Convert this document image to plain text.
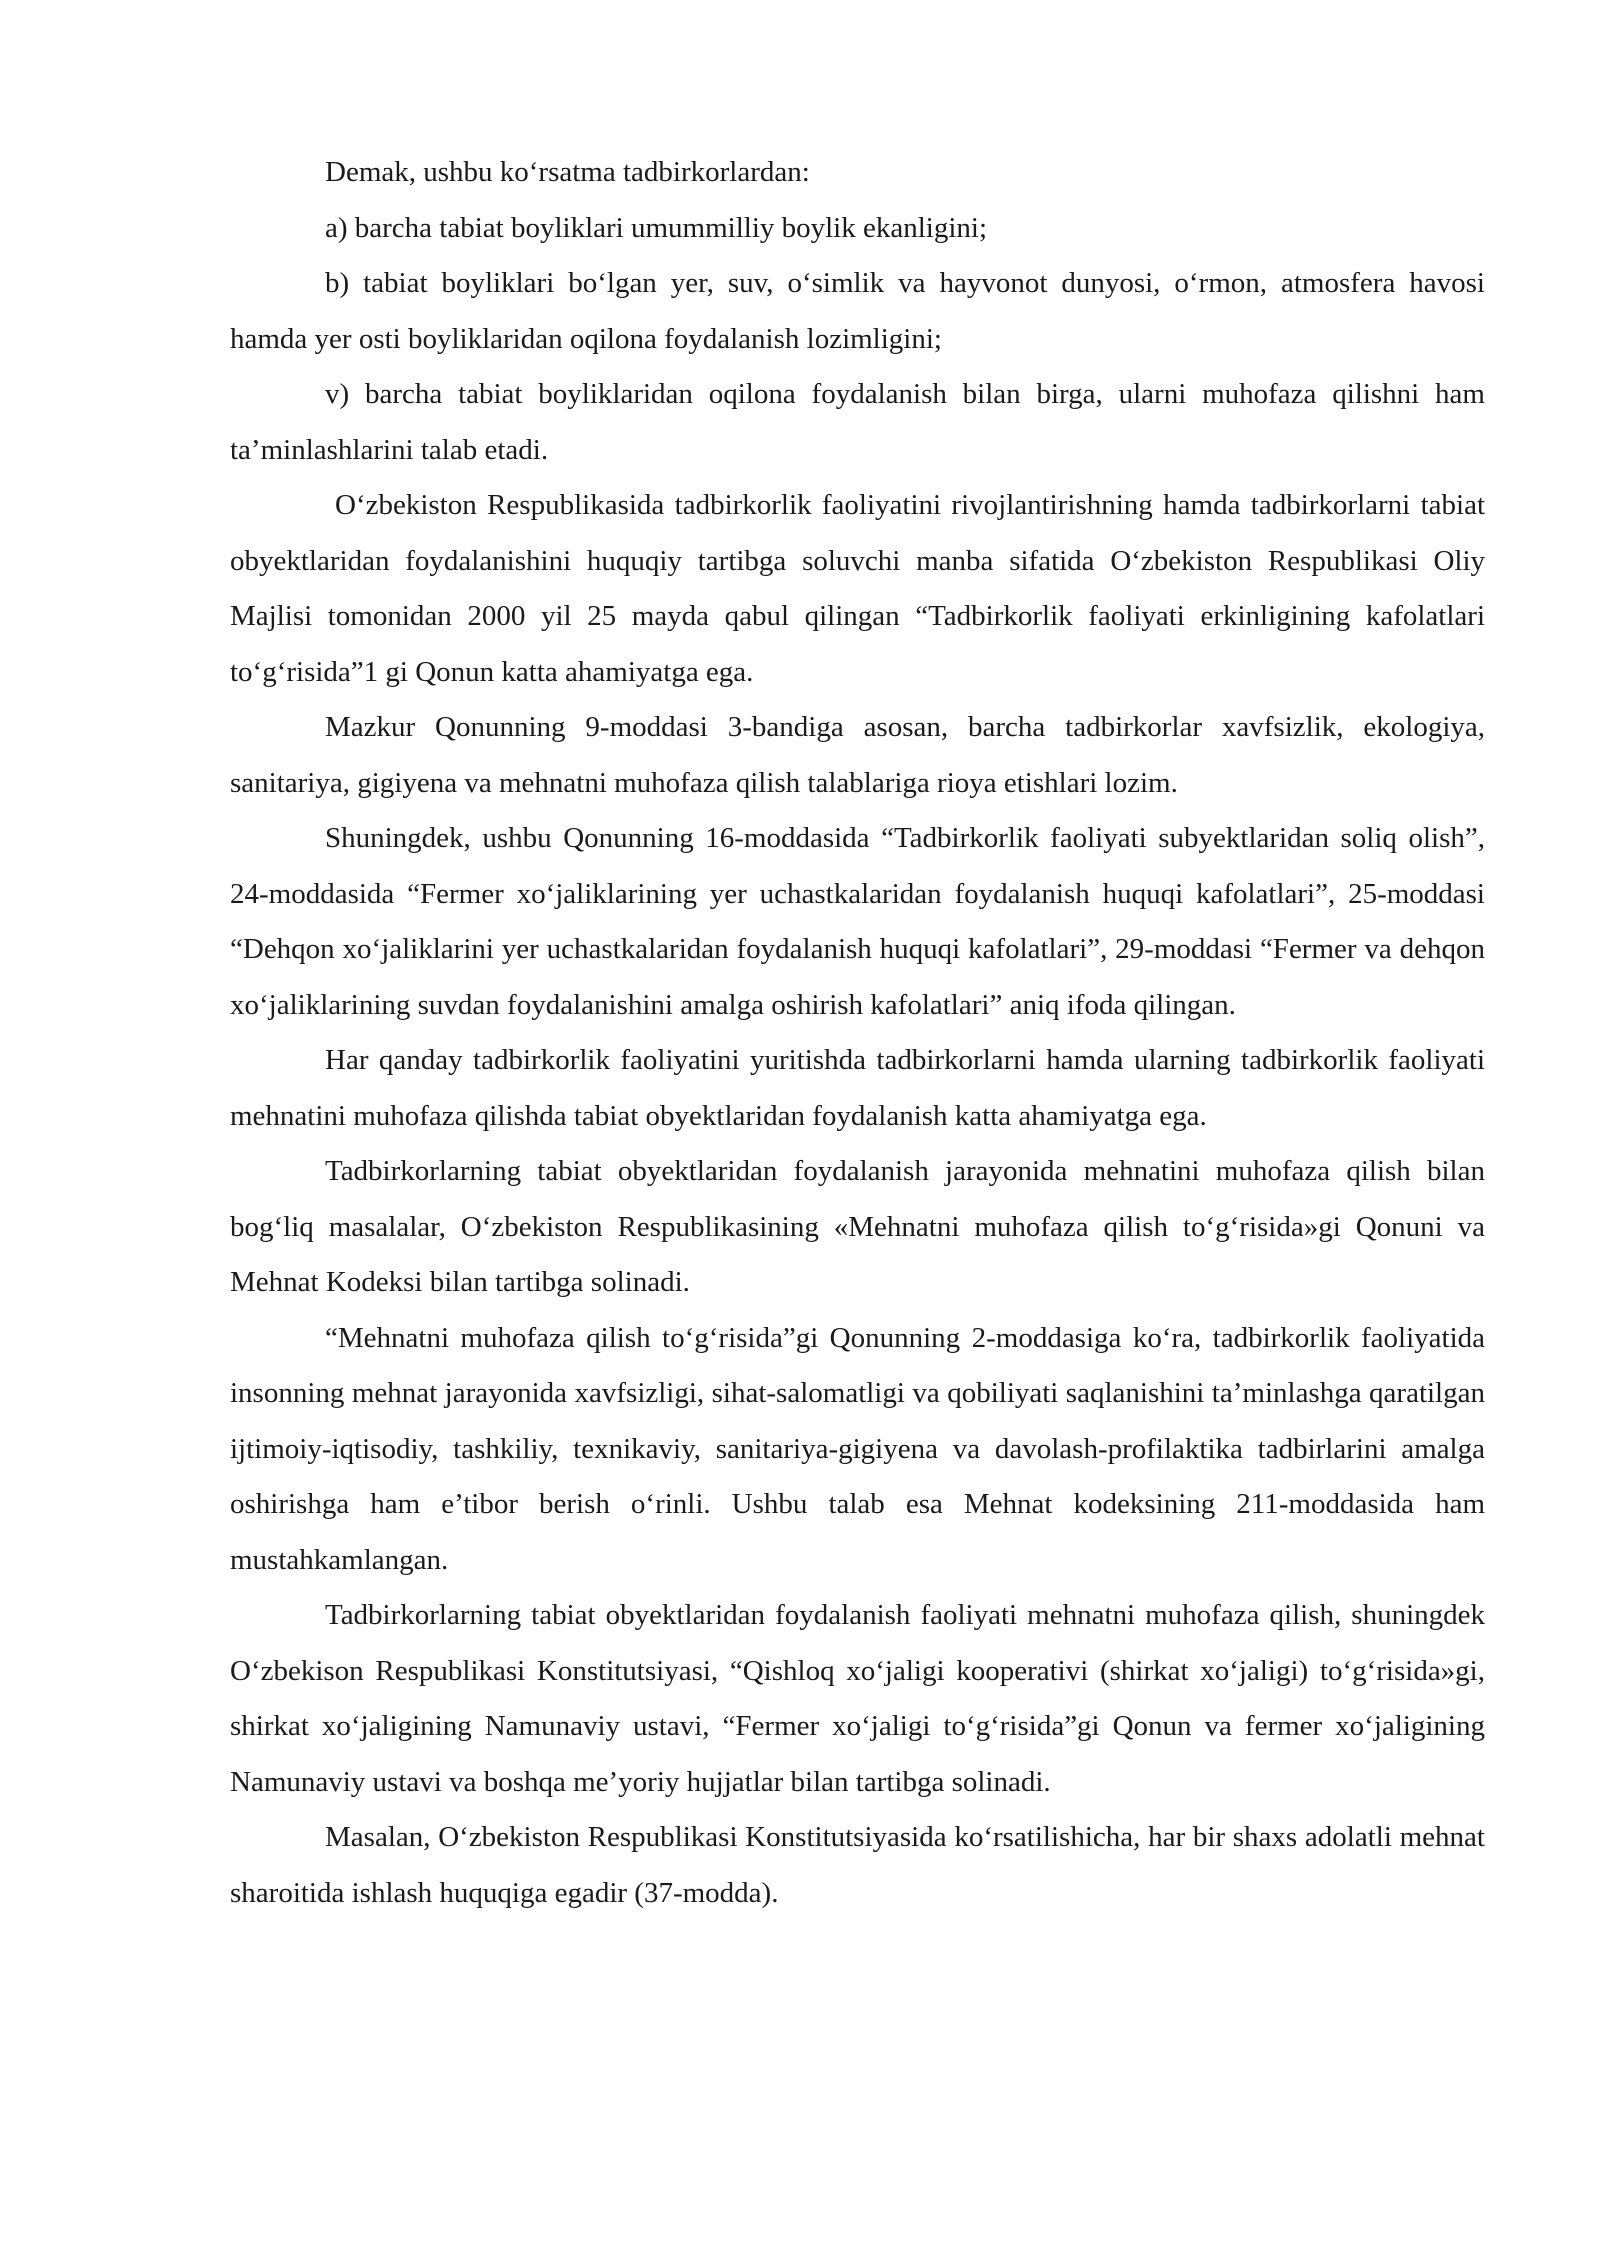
Demak, ushbu ko‘rsatma tadbirkorlardan:

a) barcha tabiat boyliklari umummilliy boylik ekanligini;

b) tabiat boyliklari bo‘lgan yer, suv, o‘simlik va hayvonot dunyosi, o‘rmon, atmosfera havosi hamda yer osti boyliklaridan oqilona foydalanish lozimligini;

v) barcha tabiat boyliklaridan oqilona foydalanish bilan birga, ularni muhofaza qilishni ham ta’minlashlarini talab etadi.

O‘zbekiston Respublikasida tadbirkorlik faoliyatini rivojlantirishning hamda tadbirkorlarni tabiat obyektlaridan foydalanishini huquqiy tartibga soluvchi manba sifatida O‘zbekiston Respublikasi Oliy Majlisi tomonidan 2000 yil 25 mayda qabul qilingan “Tadbirkorlik faoliyati erkinligining kafolatlari to‘g‘risida”1 gi Qonun katta ahamiyatga ega.

Mazkur Qonunning 9-moddasi 3-bandiga asosan, barcha tadbirkorlar xavfsizlik, ekologiya, sanitariya, gigiyena va mehnatni muhofaza qilish talablariga rioya etishlari lozim.

Shuningdek, ushbu Qonunning 16-moddasida “Tadbirkorlik faoliyati subyektlaridan soliq olish”, 24-moddasida “Fermer xo‘jaliklarining yer uchastkalaridan foydalanish huquqi kafolatlari”, 25-moddasi “Dehqon xo‘jaliklarini yer uchastkalaridan foydalanish huquqi kafolatlari”, 29-moddasi “Fermer va dehqon xo‘jaliklarining suvdan foydalanishini amalga oshirish kafolatlari” aniq ifoda qilingan.

Har qanday tadbirkorlik faoliyatini yuritishda tadbirkorlarni hamda ularning tadbirkorlik faoliyati mehnatini muhofaza qilishda tabiat obyektlaridan foydalanish katta ahamiyatga ega.

Tadbirkorlarning tabiat obyektlaridan foydalanish jarayonida mehnatini muhofaza qilish bilan bog‘liq masalalar, O‘zbekiston Respublikasining «Mehnatni muhofaza qilish to‘g‘risida»gi Qonuni va Mehnat Kodeksi bilan tartibga solinadi.

“Mehnatni muhofaza qilish to‘g‘risida”gi Qonunning 2-moddasiga ko‘ra, tadbirkorlik faoliyatida insonning mehnat jarayonida xavfsizligi, sihat-salomatligi va qobiliyati saqlanishini ta’minlashga qaratilgan ijtimoiy-iqtisodiy, tashkiliy, texnikaviy, sanitariya-gigiyena va davolash-profilaktika tadbirlarini amalga oshirishga ham e’tibor berish o‘rinli. Ushbu talab esa Mehnat kodeksining 211-moddasida ham mustahkamlangan.

Tadbirkorlarning tabiat obyektlaridan foydalanish faoliyati mehnatni muhofaza qilish, shuningdek O‘zbekison Respublikasi Konstitutsiyasi, “Qishloq xo‘jaligi kooperativi (shirkat xo‘jaligi) to‘g‘risida»gi, shirkat xo‘jaligining Namunaviy ustavi, “Fermer xo‘jaligi to‘g‘risida”gi Qonun va fermer xo‘jaligining Namunaviy ustavi va boshqa me’yoriy hujjatlar bilan tartibga solinadi.

Masalan, O‘zbekiston Respublikasi Konstitutsiyasida ko‘rsatilishicha, har bir shaxs adolatli mehnat sharoitida ishlash huquqiga egadir (37-modda).
